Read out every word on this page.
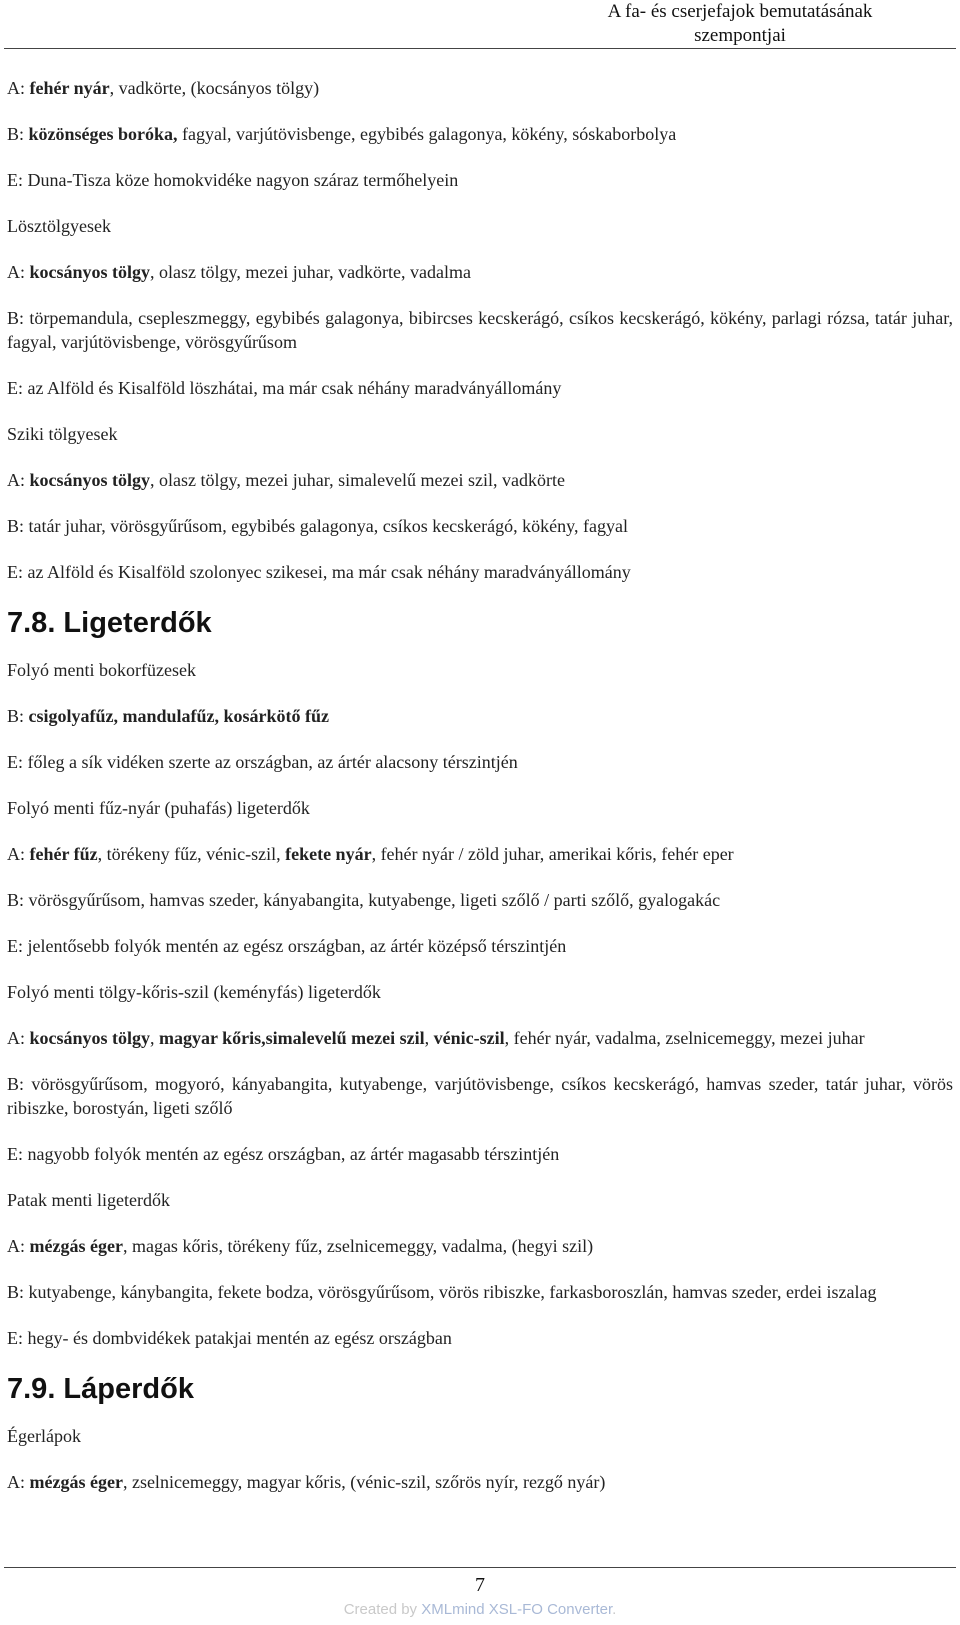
A fa- és cserjefajok bemutatásának
szempontjai

A: fehér nyár, vadkörte, (kocsányos tölgy)

B: közönséges boróka, fagyal, varjútövisbenge, egybibés galagonya, kökény, sóskaborbolya

E: Duna-Tisza köze homokvidéke nagyon száraz termőhelyein

Lösztölgyesek

A: kocsányos tölgy, olasz tölgy, mezei juhar, vadkörte, vadalma

B: törpemandula, csepleszmeggy, egybibés galagonya, bibircses kecskerágó, csíkos kecskerágó, kökény, parlagi rózsa, tatár juhar, fagyal, varjútövisbenge, vörösgyűrűsom

E: az Alföld és Kisalföld löszhátai, ma már csak néhány maradványállomány

Sziki tölgyesek

A: kocsányos tölgy, olasz tölgy, mezei juhar, simalevelű mezei szil, vadkörte

B: tatár juhar, vörösgyűrűsom, egybibés galagonya, csíkos kecskerágó, kökény, fagyal

E: az Alföld és Kisalföld szolonyec szikesei, ma már csak néhány maradványállomány

7.8. Ligeterdők

Folyó menti bokorfüzesek

B: csigolyafűz, mandulafűz, kosárkötő fűz

E: főleg a sík vidéken szerte az országban, az ártér alacsony térszintjén

Folyó menti fűz-nyár (puhafás) ligeterdők

A: fehér fűz, törékeny fűz, vénic-szil, fekete nyár, fehér nyár / zöld juhar, amerikai kőris, fehér eper

B: vörösgyűrűsom, hamvas szeder, kányabangita, kutyabenge, ligeti szőlő / parti szőlő, gyalogakác

E: jelentősebb folyók mentén az egész országban, az ártér középső térszintjén

Folyó menti tölgy-kőris-szil (keményfás) ligeterdők

A: kocsányos tölgy, magyar kőris,simalevelű mezei szil, vénic-szil, fehér nyár, vadalma, zselnicemeggy, mezei juhar

B: vörösgyűrűsom, mogyoró, kányabangita, kutyabenge, varjútövisbenge, csíkos kecskerágó, hamvas szeder, tatár juhar, vörös ribiszke, borostyán, ligeti szőlő

E: nagyobb folyók mentén az egész országban, az ártér magasabb térszintjén

Patak menti ligeterdők

A: mézgás éger, magas kőris, törékeny fűz, zselnicemeggy, vadalma, (hegyi szil)

B: kutyabenge, kánybangita, fekete bodza, vörösgyűrűsom, vörös ribiszke, farkasboroszlán, hamvas szeder, erdei iszalag

E: hegy- és dombvidékek patakjai mentén az egész országban

7.9. Láperdők

Égerlápok

A: mézgás éger, zselnicemeggy, magyar kőris, (vénic-szil, szőrös nyír, rezgő nyár)

7
Created by XMLmind XSL-FO Converter.
